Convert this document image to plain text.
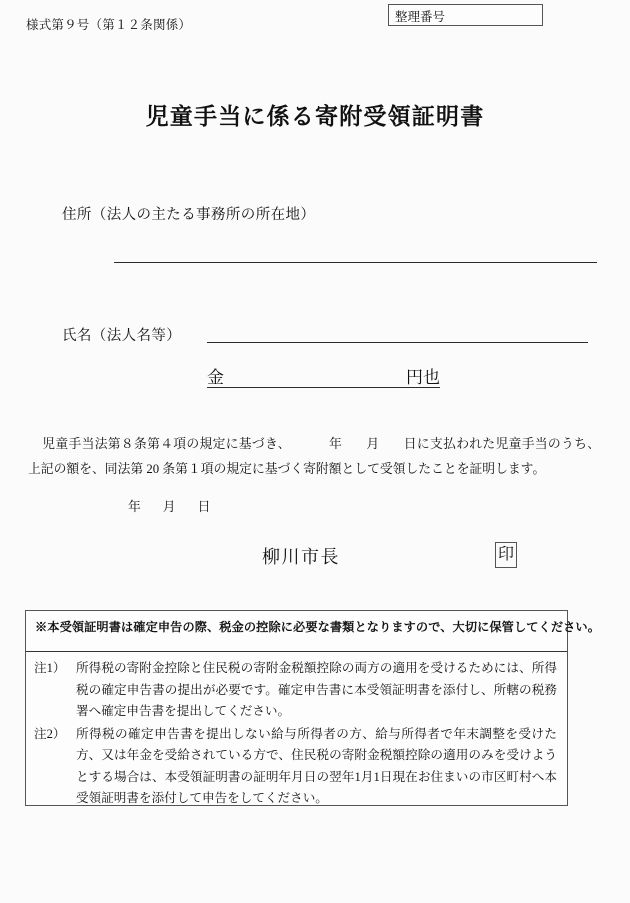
様式第９号（第１２条関係）
整理番号
児童手当に係る寄附受領証明書
住所（法人の主たる事務所の所在地）
氏名（法人名等）
金	円也
児童手当法第８条第４項の規定に基づき、	年 月 日に支払われた児童手当のうち、上記の額を、同法第 20 条第１項の規定に基づく寄附額として受領したことを証明します。
年 月 日
柳川市長	印
※本受領証明書は確定申告の際、税金の控除に必要な書類となりますので、大切に保管してください。
注1） 所得税の寄附金控除と住民税の寄附金税額控除の両方の適用を受けるためには、所得税の確定申告書の提出が必要です。確定申告書に本受領証明書を添付し、所轄の税務署へ確定申告書を提出してください。
注2） 所得税の確定申告書を提出しない給与所得者の方、給与所得者で年末調整を受けた方、又は年金を受給されている方で、住民税の寄附金税額控除の適用のみを受けようとする場合は、本受領証明書の証明年月日の翌年1月1日現在お住まいの市区町村へ本受領証明書を添付して申告をしてください。
